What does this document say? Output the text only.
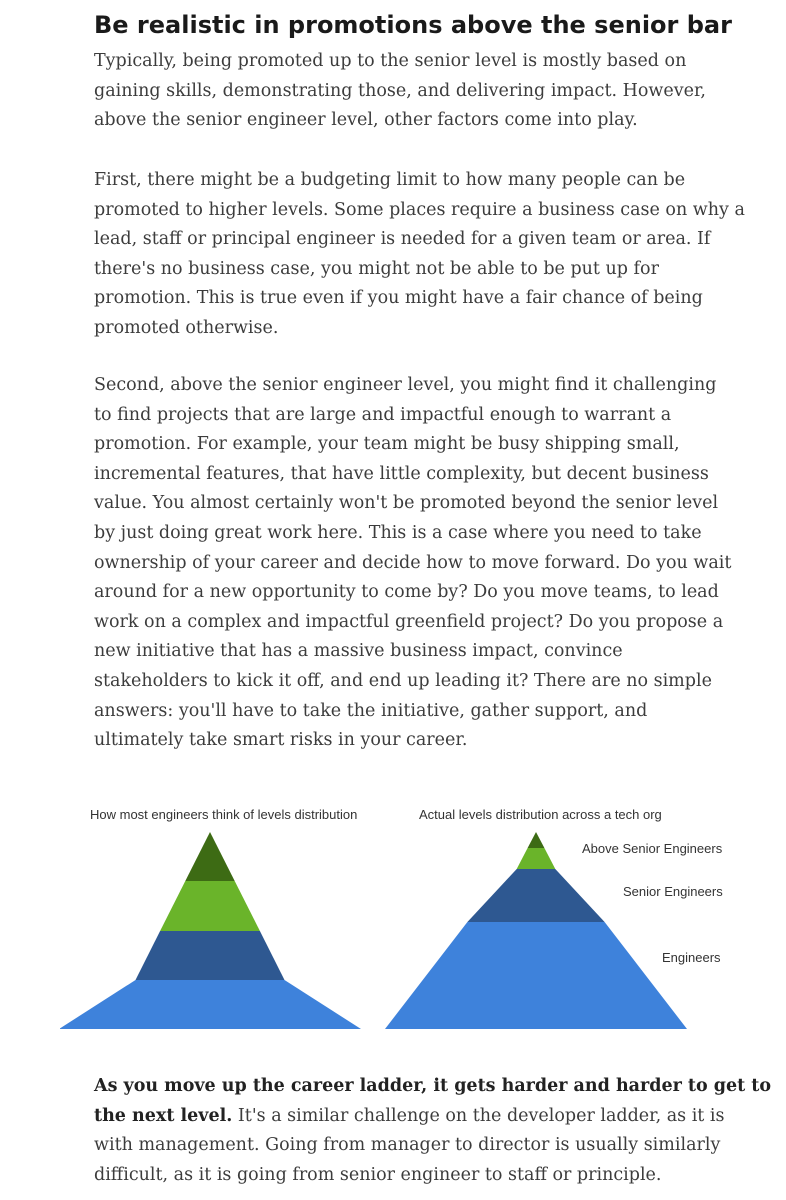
Be realistic in promotions above the senior bar

Typically, being promoted up to the senior level is mostly based on
gaining skills, demonstrating those, and delivering impact. However,
above the senior engineer level, other factors come into play.

First, there might be a budgeting limit to how many people can be
promoted to higher levels. Some places require a business case on why a
lead, staff or principal engineer is needed for a given team or area. If
there's no business case, you might not be able to be put up for
promotion. This is true even if you might have a fair chance of being
promoted otherwise.

Second, above the senior engineer level, you might find it challenging
to find projects that are large and impactful enough to warrant a
promotion. For example, your team might be busy shipping small,
incremental features, that have little complexity, but decent business
value. You almost certainly won't be promoted beyond the senior level
by just doing great work here. This is a case where you need to take
ownership of your career and decide how to move forward. Do you wait
around for a new opportunity to come by? Do you move teams, to lead
work on a complex and impactful greenfield project? Do you propose a
new initiative that has a massive business impact, convince
stakeholders to kick it off, and end up leading it? There are no simple
answers: you'll have to take the initiative, gather support, and
ultimately take smart risks in your career.

How most engineers think of levels distribution	Actual levels distribution across a tech org
Above Senior Engineers
Senior Engineers
Engineers

As you move up the career ladder, it gets harder and harder to get to
the next level. It's a similar challenge on the developer ladder, as it is
with management. Going from manager to director is usually similarly
difficult, as it is going from senior engineer to staff or principle.
